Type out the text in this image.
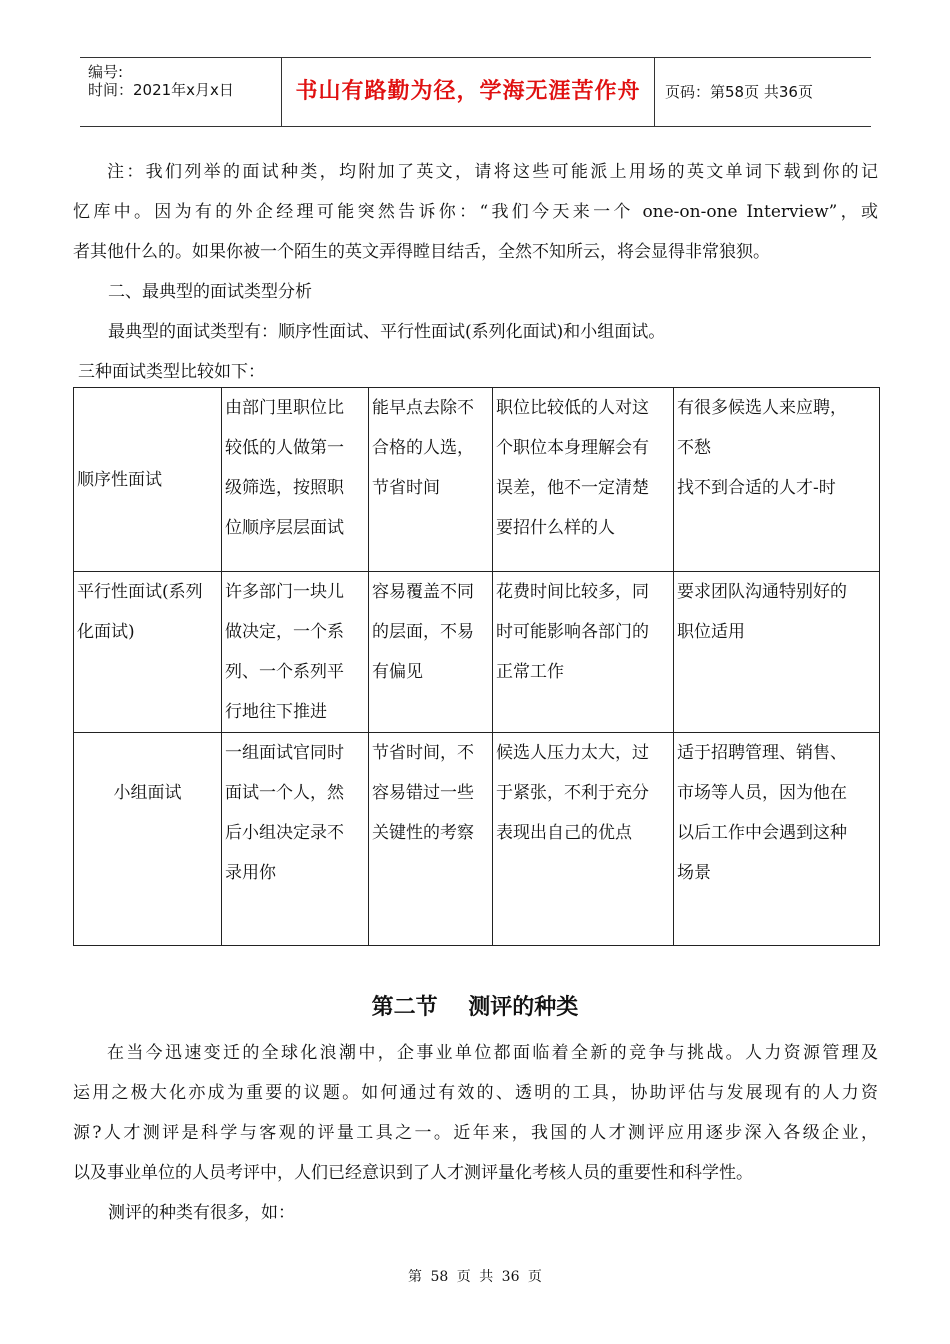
编号:
时间：2021年x月x日	书山有路勤为径，学海无涯苦作舟	页码：第58页 共36页
注：我们列举的面试种类，均附加了英文，请将这些可能派上用场的英文单词下载到你的记
忆库中。因为有的外企经理可能突然告诉你：“我们今天来一个 one-on-one Interview”，或
者其他什么的。如果你被一个陌生的英文弄得瞠目结舌，全然不知所云，将会显得非常狼狈。
二、最典型的面试类型分析
最典型的面试类型有：顺序性面试、平行性面试(系列化面试)和小组面试。
三种面试类型比较如下：
顺序性面试	由部门里职位比
较低的人做第一
级筛选，按照职
位顺序层层面试	能早点去除不
合格的人选，
节省时间	职位比较低的人对这
个职位本身理解会有
误差，他不一定清楚
要招什么样的人	有很多候选人来应聘，
不愁
找不到合适的人才-时

平行性面试(系列
化面试)	许多部门一块儿
做决定，一个系
列、一个系列平
行地往下推进	容易覆盖不同
的层面，不易
有偏见	花费时间比较多，同
时可能影响各部门的
正常工作	要求团队沟通特别好的
职位适用

小组面试	一组面试官同时
面试一个人，然
后小组决定录不
录用你	节省时间，不
容易错过一些
关键性的考察	候选人压力太大，过
于紧张，不利于充分
表现出自己的优点	适于招聘管理、销售、
市场等人员，因为他在
以后工作中会遇到这种
场景
第二节    测评的种类
在当今迅速变迁的全球化浪潮中，企事业单位都面临着全新的竞争与挑战。人力资源管理及
运用之极大化亦成为重要的议题。如何通过有效的、透明的工具，协助评估与发展现有的人力资
源?人才测评是科学与客观的评量工具之一。近年来，我国的人才测评应用逐步深入各级企业，
以及事业单位的人员考评中，人们已经意识到了人才测评量化考核人员的重要性和科学性。
测评的种类有很多，如：
第 58 页 共 36 页
